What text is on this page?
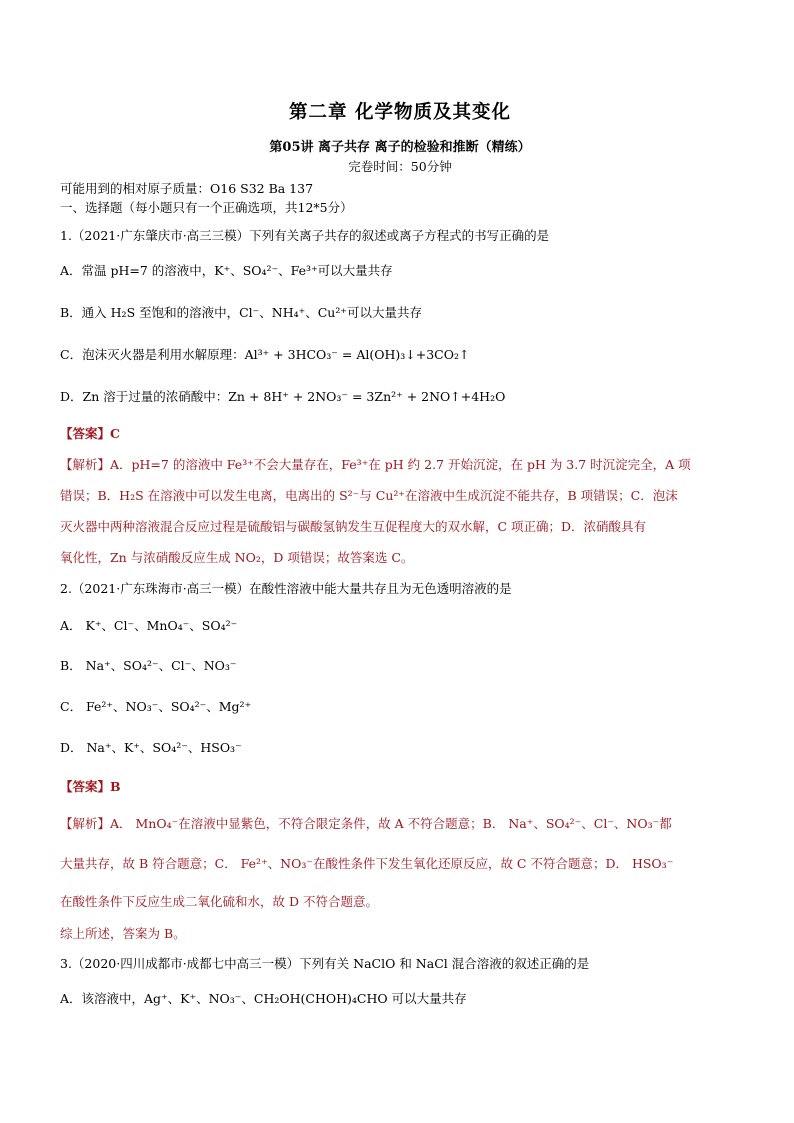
第二章 化学物质及其变化
第05讲 离子共存 离子的检验和推断（精练）
完卷时间：50分钟
可能用到的相对原子质量：O16 S32 Ba 137
一、选择题（每小题只有一个正确选项，共12*5分）
1.（2021·广东肇庆市·高三三模）下列有关离子共存的叙述或离子方程式的书写正确的是
A．常温 pH=7 的溶液中，K⁺、SO₄²⁻、Fe³⁺可以大量共存
B．通入 H₂S 至饱和的溶液中，Cl⁻、NH₄⁺、Cu²⁺可以大量共存
C．泡沫灭火器是利用水解原理：Al³⁺ + 3HCO₃⁻ = Al(OH)₃↓+3CO₂↑
D．Zn 溶于过量的浓硝酸中：Zn + 8H⁺ + 2NO₃⁻ = 3Zn²⁺ + 2NO↑+4H₂O
【答案】C
【解析】A．pH=7 的溶液中 Fe³⁺不会大量存在，Fe³⁺在 pH 约 2.7 开始沉淀，在 pH 为 3.7 时沉淀完全，A 项
错误；B．H₂S 在溶液中可以发生电离，电离出的 S²⁻与 Cu²⁺在溶液中生成沉淀不能共存，B 项错误；C．泡沫
灭火器中两种溶液混合反应过程是硫酸铝与碳酸氢钠发生互促程度大的双水解，C 项正确；D．浓硝酸具有
氧化性，Zn 与浓硝酸反应生成 NO₂，D 项错误；故答案选 C。
2.（2021·广东珠海市·高三一模）在酸性溶液中能大量共存且为无色透明溶液的是
A． K⁺、Cl⁻、MnO₄⁻、SO₄²⁻
B． Na⁺、SO₄²⁻、Cl⁻、NO₃⁻
C． Fe²⁺、NO₃⁻、SO₄²⁻、Mg²⁺
D． Na⁺、K⁺、SO₄²⁻、HSO₃⁻
【答案】B
【解析】A． MnO₄⁻在溶液中显紫色，不符合限定条件，故 A 不符合题意；B． Na⁺、SO₄²⁻、Cl⁻、NO₃⁻都
大量共存，故 B 符合题意；C． Fe²⁺、NO₃⁻在酸性条件下发生氧化还原反应，故 C 不符合题意；D． HSO₃⁻
在酸性条件下反应生成二氧化硫和水，故 D 不符合题意。
综上所述，答案为 B。
3.（2020·四川成都市·成都七中高三一模）下列有关 NaClO 和 NaCl 混合溶液的叙述正确的是
A．该溶液中，Ag⁺、K⁺、NO₃⁻、CH₂OH(CHOH)₄CHO 可以大量共存
